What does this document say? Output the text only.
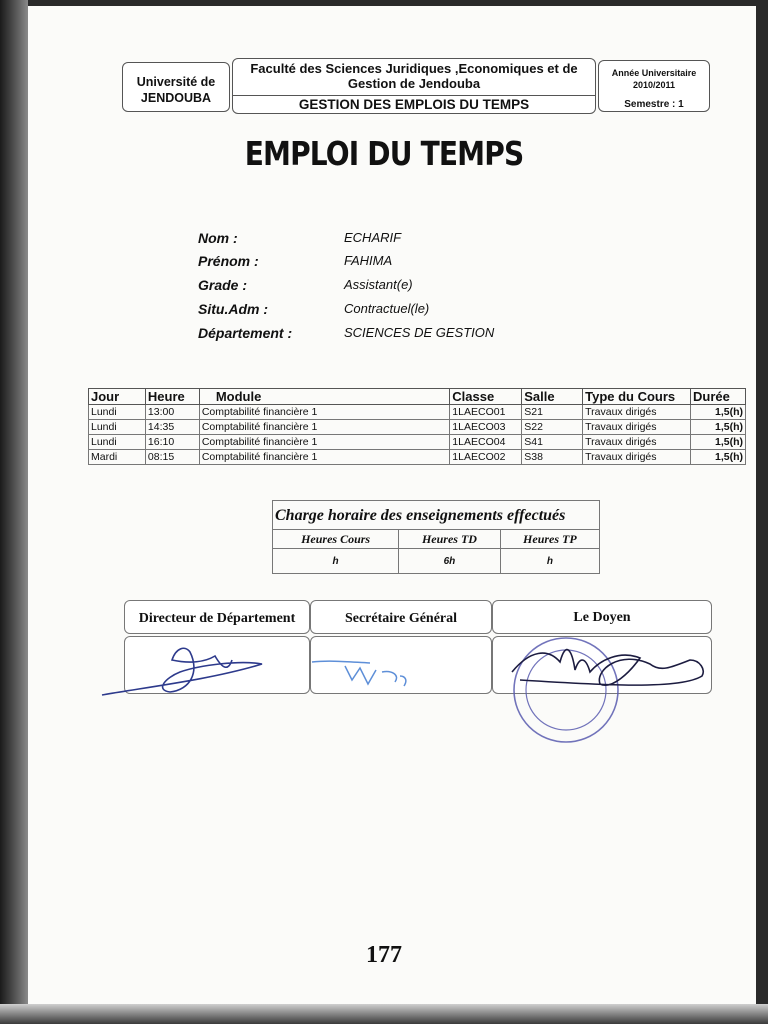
Université de JENDOUBA
Faculté des Sciences Juridiques ,Economiques et de Gestion de Jendouba
GESTION DES EMPLOIS DU TEMPS
Année Universitaire
2010/2011
Semestre : 1
EMPLOI DU TEMPS
Nom :	ECHARIF
Prénom :	FAHIMA
Grade :	Assistant(e)
Situ.Adm :	Contractuel(le)
Département :	SCIENCES DE GESTION
Jour	Heure	Module	Classe	Salle	Type du Cours	Durée
Lundi	13:00	Comptabilité financière 1	1LAECO01	S21	Travaux dirigés	1,5(h)
Lundi	14:35	Comptabilité financière 1	1LAECO03	S22	Travaux dirigés	1,5(h)
Lundi	16:10	Comptabilité financière 1	1LAECO04	S41	Travaux dirigés	1,5(h)
Mardi	08:15	Comptabilité financière 1	1LAECO02	S38	Travaux dirigés	1,5(h)
Charge horaire des enseignements effectués
Heures Cours	Heures TD	Heures TP
h	6h	h
Directeur de Département	Secrétaire Général	Le Doyen
177
